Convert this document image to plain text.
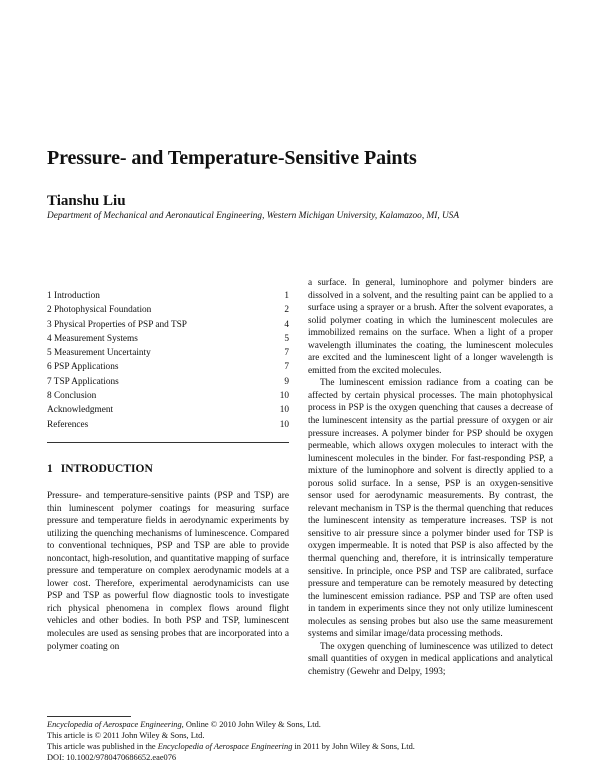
Pressure- and Temperature-Sensitive Paints
Tianshu Liu
Department of Mechanical and Aeronautical Engineering, Western Michigan University, Kalamazoo, MI, USA
1 Introduction	1
2 Photophysical Foundation	2
3 Physical Properties of PSP and TSP	4
4 Measurement Systems	5
5 Measurement Uncertainty	7
6 PSP Applications	7
7 TSP Applications	9
8 Conclusion	10
Acknowledgment	10
References	10
1 INTRODUCTION

Pressure- and temperature-sensitive paints (PSP and TSP) are thin luminescent polymer coatings for measuring surface pressure and temperature fields in aerodynamic experiments by utilizing the quenching mechanisms of luminescence. Compared to conventional techniques, PSP and TSP are able to provide noncontact, high-resolution, and quantitative mapping of surface pressure and temperature on complex aerodynamic models at a lower cost. Therefore, experimental aerodynamicists can use PSP and TSP as powerful flow diagnostic tools to investigate rich physical phenomena in complex flows around flight vehicles and other bodies. In both PSP and TSP, luminescent molecules are used as sensing probes that are incorporated into a polymer coating on

a surface. In general, luminophore and polymer binders are dissolved in a solvent, and the resulting paint can be applied to a surface using a sprayer or a brush. After the solvent evaporates, a solid polymer coating in which the luminescent molecules are immobilized remains on the surface. When a light of a proper wavelength illuminates the coating, the luminescent molecules are excited and the luminescent light of a longer wavelength is emitted from the excited molecules.

The luminescent emission radiance from a coating can be affected by certain physical processes. The main photophysical process in PSP is the oxygen quenching that causes a decrease of the luminescent intensity as the partial pressure of oxygen or air pressure increases. A polymer binder for PSP should be oxygen permeable, which allows oxygen molecules to interact with the luminescent molecules in the binder. For fast-responding PSP, a mixture of the luminophore and solvent is directly applied to a porous solid surface. In a sense, PSP is an oxygen-sensitive sensor used for aerodynamic measurements. By contrast, the relevant mechanism in TSP is the thermal quenching that reduces the luminescent intensity as temperature increases. TSP is not sensitive to air pressure since a polymer binder used for TSP is oxygen impermeable. It is noted that PSP is also affected by the thermal quenching and, therefore, it is intrinsically temperature sensitive. In principle, once PSP and TSP are calibrated, surface pressure and temperature can be remotely measured by detecting the luminescent emission radiance. PSP and TSP are often used in tandem in experiments since they not only utilize luminescent molecules as sensing probes but also use the same measurement systems and similar image/data processing methods.

The oxygen quenching of luminescence was utilized to detect small quantities of oxygen in medical applications and analytical chemistry (Gewehr and Delpy, 1993;

Encyclopedia of Aerospace Engineering, Online © 2010 John Wiley & Sons, Ltd.
This article is © 2011 John Wiley & Sons, Ltd.
This article was published in the Encyclopedia of Aerospace Engineering in 2011 by John Wiley & Sons, Ltd.
DOI: 10.1002/9780470686652.eae076
